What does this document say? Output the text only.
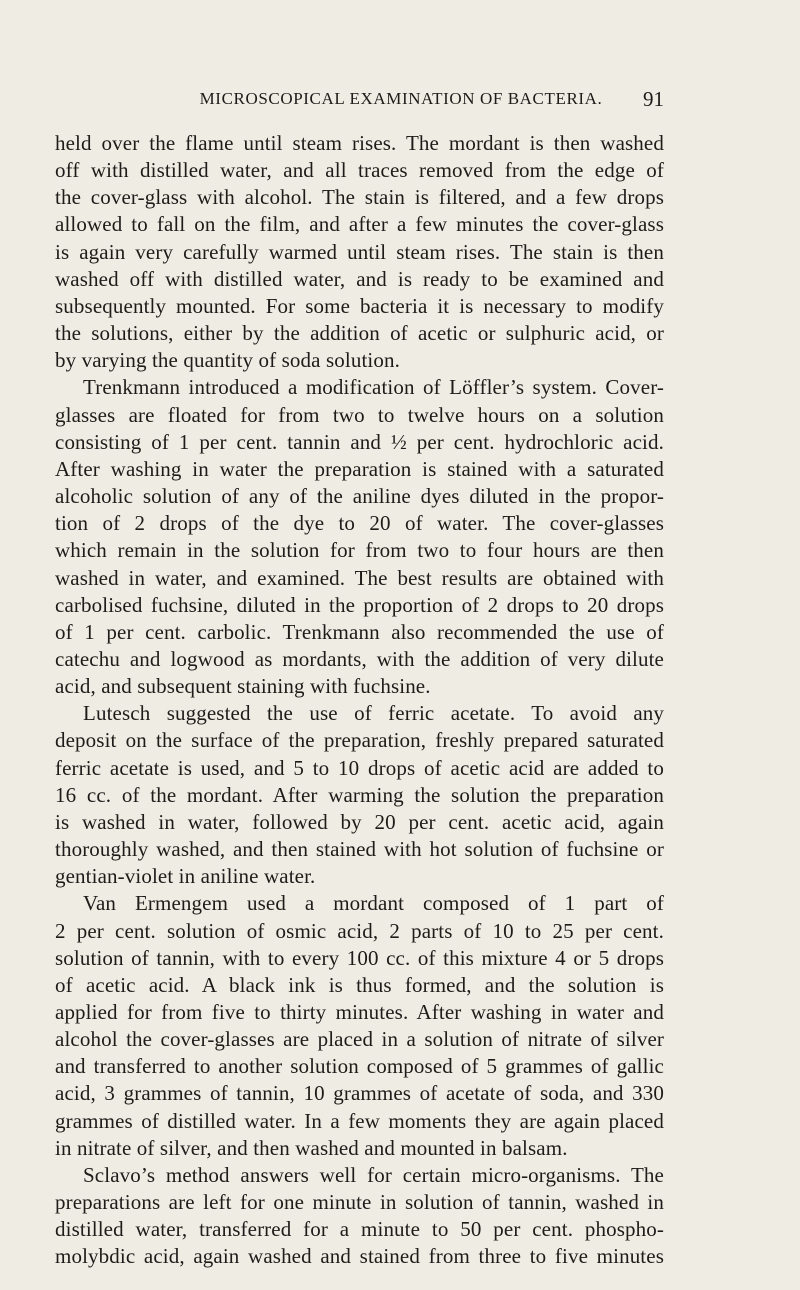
MICROSCOPICAL EXAMINATION OF BACTERIA.	91
held over the flame until steam rises. The mordant is then washed
off with distilled water, and all traces removed from the edge of
the cover-glass with alcohol. The stain is filtered, and a few drops
allowed to fall on the film, and after a few minutes the cover-glass
is again very carefully warmed until steam rises. The stain is then
washed off with distilled water, and is ready to be examined and
subsequently mounted. For some bacteria it is necessary to modify
the solutions, either by the addition of acetic or sulphuric acid, or
by varying the quantity of soda solution.
Trenkmann introduced a modification of Löffler’s system. Cover-
glasses are floated for from two to twelve hours on a solution
consisting of 1 per cent. tannin and ½ per cent. hydrochloric acid.
After washing in water the preparation is stained with a saturated
alcoholic solution of any of the aniline dyes diluted in the propor-
tion of 2 drops of the dye to 20 of water. The cover-glasses
which remain in the solution for from two to four hours are then
washed in water, and examined. The best results are obtained with
carbolised fuchsine, diluted in the proportion of 2 drops to 20 drops
of 1 per cent. carbolic. Trenkmann also recommended the use of
catechu and logwood as mordants, with the addition of very dilute
acid, and subsequent staining with fuchsine.
Lutesch suggested the use of ferric acetate. To avoid any
deposit on the surface of the preparation, freshly prepared saturated
ferric acetate is used, and 5 to 10 drops of acetic acid are added to
16 cc. of the mordant. After warming the solution the preparation
is washed in water, followed by 20 per cent. acetic acid, again
thoroughly washed, and then stained with hot solution of fuchsine or
gentian-violet in aniline water.
Van Ermengem used a mordant composed of 1 part of
2 per cent. solution of osmic acid, 2 parts of 10 to 25 per cent.
solution of tannin, with to every 100 cc. of this mixture 4 or 5 drops
of acetic acid. A black ink is thus formed, and the solution is
applied for from five to thirty minutes. After washing in water and
alcohol the cover-glasses are placed in a solution of nitrate of silver
and transferred to another solution composed of 5 grammes of gallic
acid, 3 grammes of tannin, 10 grammes of acetate of soda, and 330
grammes of distilled water. In a few moments they are again placed
in nitrate of silver, and then washed and mounted in balsam.
Sclavo’s method answers well for certain micro-organisms. The
preparations are left for one minute in solution of tannin, washed in
distilled water, transferred for a minute to 50 per cent. phospho-
molybdic acid, again washed and stained from three to five minutes
